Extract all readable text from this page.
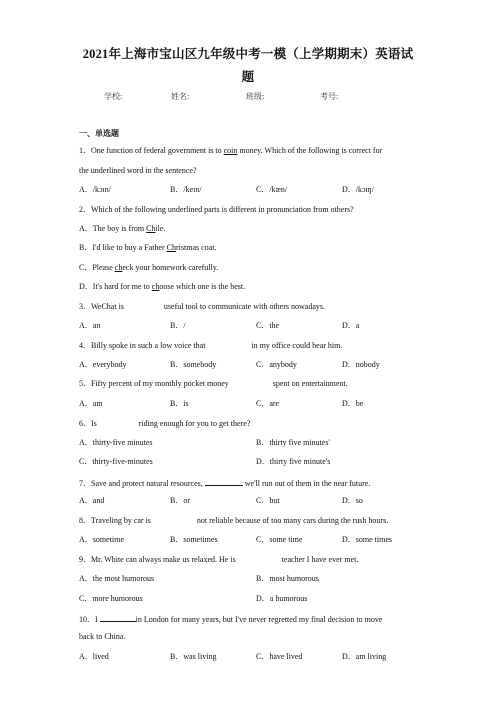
2021年上海市宝山区九年级中考一模（上学期期末）英语试
题
学校:	姓名:	班级:	考号:
一、单选题
1．One function of federal government is to coin money. Which of the following is correct for
the underlined word in the sentence?
A．/kɔɪn/	B．/keɪn/	C．/kæn/	D．/kɔɪŋ/
2．Which of the following underlined parts is different in pronunciation from others?
A．The boy is from Chile.
B．I'd like to buy a Father Christmas coat.
C．Please check your homework carefully.
D．It's hard for me to choose which one is the best.
3．WeChat is	useful tool to communicate with others nowadays.
A．an	B．/	C．the	D．a
4．Billy spoke in such a low voice that	in my office could hear him.
A．everybody	B．somebody	C．anybody	D．nobody
5．Fifty percent of my monthly pocket money	spent on entertainment.
A．am	B．is	C．are	D．be
6．Is	riding enough for you to get there?
A．thirty-five minutes	B．thirty five minutes'
C．thirty-five-minutes	D．thirty five minute's
7．Save and protect natural resources,	we'll run out of them in the near future.
A．and	B．or	C．but	D．so
8．Traveling by car is	not reliable because of too many cars during the rush hours.
A．sometime	B．sometimes	C．some time	D．some times
9．Mr. White can always make us relaxed. He is	teacher I have ever met.
A．the most humorous	B．most humorous
C．more humorous	D．a humorous
10．I	in London for many years, but I've never regretted my final decision to move
back to China.
A．lived	B．was living	C．have lived	D．am living
